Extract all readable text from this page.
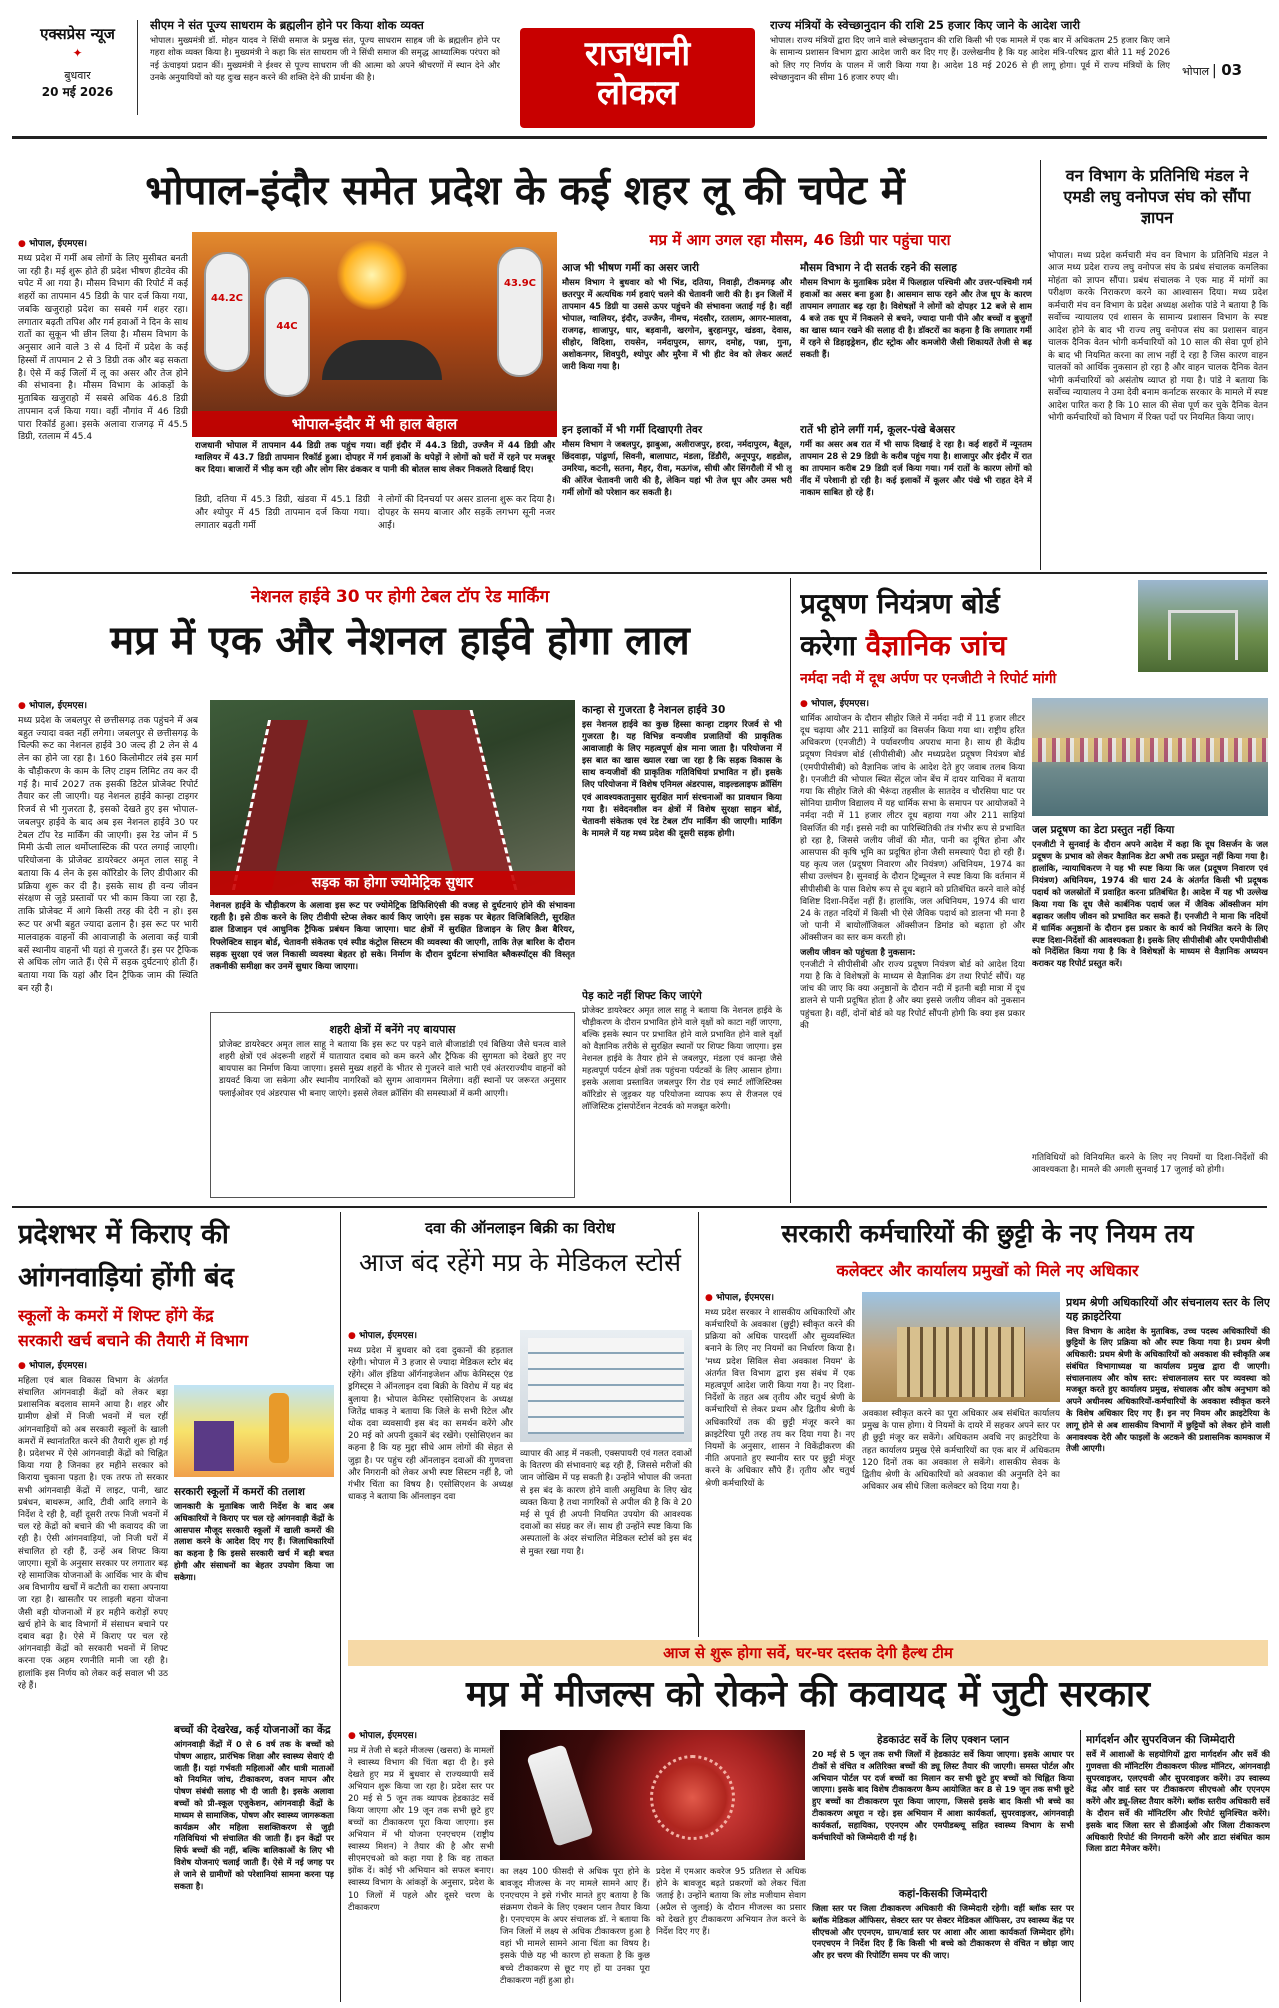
एक्सप्रेस न्यूज
✦
बुधवार
20 मई 2026
सीएम ने संत पूज्य साधराम के ब्रह्मलीन होने पर किया शोक व्यक्त
भोपाल। मुख्यमंत्री डॉ. मोहन यादव ने सिंधी समाज के प्रमुख संत, पूज्य साधराम साहब जी के ब्रह्मलीन होने पर गहरा शोक व्यक्त किया है। मुख्यमंत्री ने कहा कि संत साधराम जी ने सिंधी समाज की समृद्ध आध्यात्मिक परंपरा को नई ऊंचाइयां प्रदान कीं। मुख्यमंत्री ने ईश्वर से पूज्य साधराम जी की आत्मा को अपने श्रीचरणों में स्थान देने और उनके अनुयायियों को यह दुःख सहन करने की शक्ति देने की प्रार्थना की है।
राजधानी
लोकल
राज्य मंत्रियों के स्वेच्छानुदान की राशि 25 हजार किए जाने के आदेश जारी
भोपाल। राज्य मंत्रियों द्वारा दिए जाने वाले स्वेच्छानुदान की राशि किसी भी एक मामले में एक बार में अधिकतम 25 हजार किए जाने के सामान्य प्रशासन विभाग द्वारा आदेश जारी कर दिए गए हैं। उल्लेखनीय है कि यह आदेश मंत्रि-परिषद द्वारा बीते 11 मई 2026 को लिए गए निर्णय के पालन में जारी किया गया है। आदेश 18 मई 2026 से ही लागू होगा। पूर्व में राज्य मंत्रियों के लिए स्वेच्छानुदान की सीमा 16 हजार रुपए थी।	भोपाल | 03
भोपाल-इंदौर समेत प्रदेश के कई शहर लू की चपेट में
मप्र में आग उगल रहा मौसम, 46 डिग्री पार पहुंचा पारा
● भोपाल, ईएमएस।
मध्य प्रदेश में गर्मी अब लोगों के लिए मुसीबत बनती जा रही है। मई शुरू होते ही प्रदेश भीषण हीटवेव की चपेट में आ गया है। मौसम विभाग की रिपोर्ट में कई शहरों का तापमान 45 डिग्री के पार दर्ज किया गया, जबकि खजुराहो प्रदेश का सबसे गर्म शहर रहा। लगातार बढ़ती तपिश और गर्म हवाओं ने दिन के साथ रातों का सुकून भी छीन लिया है। मौसम विभाग के अनुसार आने वाले 3 से 4 दिनों में प्रदेश के कई हिस्सों में तापमान 2 से 3 डिग्री तक और बढ़ सकता है। ऐसे में कई जिलों में लू का असर और तेज होने की संभावना है। मौसम विभाग के आंकड़ों के मुताबिक खजुराहो में सबसे अधिक 46.8 डिग्री तापमान दर्ज किया गया। वहीं नौगांव में 46 डिग्री पारा रिकॉर्ड हुआ। इसके अलावा राजगढ़ में 45.5 डिग्री, रतलाम में 45.4
44.2C
44C
43.9C
भोपाल-इंदौर में भी हाल बेहाल
राजधानी भोपाल में तापमान 44 डिग्री तक पहुंच गया। वहीं इंदौर में 44.3 डिग्री, उज्जैन में 44 डिग्री और ग्वालियर में 43.7 डिग्री तापमान रिकॉर्ड हुआ। दोपहर में गर्म हवाओं के थपेड़ों ने लोगों को घरों में रहने पर मजबूर कर दिया। बाजारों में भीड़ कम रही और लोग सिर ढंककर व पानी की बोतल साथ लेकर निकलते दिखाई दिए।
डिग्री, दतिया में 45.3 डिग्री, खंडवा में 45.1 डिग्री और श्योपुर में 45 डिग्री तापमान दर्ज किया गया। लगातार बढ़ती गर्मी
ने लोगों की दिनचर्या पर असर डालना शुरू कर दिया है। दोपहर के समय बाजार और सड़कें लगभग सूनी नजर आईं।
आज भी भीषण गर्मी का असर जारी
मौसम विभाग ने बुधवार को भी भिंड, दतिया, निवाड़ी, टीकमगढ़ और छतरपुर में अत्यधिक गर्म हवाएं चलने की चेतावनी जारी की है। इन जिलों में तापमान 45 डिग्री या उससे ऊपर पहुंचने की संभावना जताई गई है। वहीं भोपाल, ग्वालियर, इंदौर, उज्जैन, नीमच, मंदसौर, रतलाम, आगर-मालवा, राजगढ़, शाजापुर, धार, बड़वानी, खरगोन, बुरहानपुर, खंडवा, देवास, सीहोर, विदिशा, रायसेन, नर्मदापुरम, सागर, दमोह, पन्ना, गुना, अशोकनगर, शिवपुरी, श्योपुर और मुरैना में भी हीट वेव को लेकर अलर्ट जारी किया गया है।
इन इलाकों में भी गर्मी दिखाएगी तेवर
मौसम विभाग ने जबलपुर, झाबुआ, अलीराजपुर, हरदा, नर्मदापुरम, बैतूल, छिंदवाड़ा, पांढुर्णा, सिवनी, बालाघाट, मंडला, डिंडौरी, अनूपपुर, शहडोल, उमरिया, कटनी, सतना, मैहर, रीवा, मऊगंज, सीधी और सिंगरौली में भी लू की ऑरेंज चेतावनी जारी की है, लेकिन यहां भी तेज धूप और उमस भरी गर्मी लोगों को परेशान कर सकती है।
मौसम विभाग ने दी सतर्क रहने की सलाह
मौसम विभाग के मुताबिक प्रदेश में फिलहाल पश्चिमी और उत्तर-पश्चिमी गर्म हवाओं का असर बना हुआ है। आसमान साफ रहने और तेज धूप के कारण तापमान लगातार बढ़ रहा है। विशेषज्ञों ने लोगों को दोपहर 12 बजे से शाम 4 बजे तक धूप में निकलने से बचने, ज्यादा पानी पीने और बच्चों व बुजुर्गों का खास ध्यान रखने की सलाह दी है। डॉक्टरों का कहना है कि लगातार गर्मी में रहने से डिहाइड्रेशन, हीट स्ट्रोक और कमजोरी जैसी शिकायतें तेजी से बढ़ सकती हैं।
रातें भी होने लगीं गर्म, कूलर-पंखे बेअसर
गर्मी का असर अब रात में भी साफ दिखाई दे रहा है। कई शहरों में न्यूनतम तापमान 28 से 29 डिग्री के करीब पहुंच गया है। शाजापुर और इंदौर में रात का तापमान करीब 29 डिग्री दर्ज किया गया। गर्म रातों के कारण लोगों को नींद में परेशानी हो रही है। कई इलाकों में कूलर और पंखे भी राहत देने में नाकाम साबित हो रहे हैं।
वन विभाग के प्रतिनिधि मंडल ने एमडी लघु वनोपज संघ को सौंपा ज्ञापन
भोपाल। मध्य प्रदेश कर्मचारी मंच वन विभाग के प्रतिनिधि मंडल ने आज मध्य प्रदेश राज्य लघु वनोपज संघ के प्रबंध संचालक कमलिका मोहंता को ज्ञापन सौंपा। प्रबंध संचालक ने एक माह में मांगों का परीक्षण करके निराकरण करने का आश्वासन दिया। मध्य प्रदेश कर्मचारी मंच वन विभाग के प्रदेश अध्यक्ष अशोक पांडे ने बताया है कि सर्वोच्च न्यायालय एवं शासन के सामान्य प्रशासन विभाग के स्पष्ट आदेश होने के बाद भी राज्य लघु वनोपज संघ का प्रशासन वाहन चालक दैनिक वेतन भोगी कर्मचारियों को 10 साल की सेवा पूर्ण होने के बाद भी नियमित करना का लाभ नहीं दे रहा है जिस कारण वाहन चालकों को आर्थिक नुकसान हो रहा है और वाहन चालक दैनिक वेतन भोगी कर्मचारियों को असंतोष व्याप्त हो गया है। पांडे ने बताया कि सर्वोच्च न्यायालय ने उमा देवी बनाम कर्नाटक सरकार के मामले में स्पष्ट आदेश पारित करा है कि 10 साल की सेवा पूर्ण कर चुके दैनिक वेतन भोगी कर्मचारियों को विभाग में रिक्त पदों पर नियमित किया जाए।
नेशनल हाईवे 30 पर होगी टेबल टॉप रेड मार्किंग
मप्र में एक और नेशनल हाईवे होगा लाल
● भोपाल, ईएमएस।
मध्य प्रदेश के जबलपुर से छत्तीसगढ़ तक पहुंचने में अब बहुत ज्यादा वक्त नहीं लगेगा। जबलपुर से छत्तीसगढ़ के चिल्फी रूट का नेशनल हाईवे 30 जल्द ही 2 लेन से 4 लेन का होने जा रहा है। 160 किलोमीटर लंबे इस मार्ग के चौड़ीकरण के काम के लिए टाइम लिमिट तय कर दी गई है। मार्च 2027 तक इसकी डिटेल प्रोजेक्ट रिपोर्ट तैयार कर ली जाएगी। यह नेशनल हाईवे कान्हा टाइगर रिजर्व से भी गुजरता है, इसको देखते हुए इस भोपाल-जबलपुर हाईवे के बाद अब इस नेशनल हाईवे 30 पर टेबल टॉप रेड मार्किंग की जाएगी। इस रेड जोन में 5 मिमी ऊंची लाल थर्मोप्लास्टिक की परत लगाई जाएगी। परियोजना के प्रोजेक्ट डायरेक्टर अमृत लाल साहू ने बताया कि 4 लेन के इस कॉरिडोर के लिए डीपीआर की प्रक्रिया शुरू कर दी है। इसके साथ ही वन्य जीवन संरक्षण से जुड़े प्रस्तावों पर भी काम किया जा रहा है, ताकि प्रोजेक्ट में आगे किसी तरह की देरी न हो। इस रूट पर अभी बहुत ज्यादा ढलान है। इस रूट पर भारी मालवाहक वाहनों की आवाजाही के अलावा कई यात्री बसें स्थानीय वाहनों भी यहां से गुजरते हैं। इस पर ट्रैफिक से अधिक लोग जाते हैं। ऐसे में सड़क दुर्घटनाएं होती हैं। बताया गया कि यहां और दिन ट्रैफिक जाम की स्थिति बन रही है।
सड़क का होगा ज्योमेट्रिक सुधार
नेशनल हाईवे के चौड़ीकरण के अलावा इस रूट पर ज्योमेट्रिक डिफिशिएंसी की वजह से दुर्घटनाएं होने की संभावना रहती है। इसे ठीक करने के लिए टीवीपी स्टेप्स लेकर कार्य किए जाएंगे। इस सड़क पर बेहतर विजिबिलिटी, सुरक्षित ढाल डिजाइन एवं आधुनिक ट्रैफिक प्रबंधन किया जाएगा। घाट क्षेत्रों में सुरक्षित डिजाइन के लिए क्रैश बैरियर, रिफ्लेक्टिव साइन बोर्ड, चेतावनी संकेतक एवं स्पीड कंट्रोल सिस्टम की व्यवस्था की जाएगी, ताकि तेज़ बारिश के दौरान सड़क सुरक्षा एवं जल निकासी व्यवस्था बेहतर हो सके। निर्माण के दौरान दुर्घटना संभावित ब्लैकस्पॉट्स की विस्तृत तकनीकी समीक्षा कर उनमें सुधार किया जाएगा।
शहरी क्षेत्रों में बनेंगे नए बायपास
प्रोजेक्ट डायरेक्टर अमृत लाल साहू ने बताया कि इस रूट पर पड़ने वाले बीजाडांडी एवं बिछिया जैसे घनत्व वाले शहरी क्षेत्रों एवं अंदरूनी शहरों में यातायात दबाव को कम करने और ट्रैफिक की सुगमता को देखते हुए नए बायपास का निर्माण किया जाएगा। इससे मुख्य शहरों के भीतर से गुजरने वाले भारी एवं अंतरराज्यीय वाहनों को डायवर्ट किया जा सकेगा और स्थानीय नागरिकों को सुगम आवागमन मिलेगा। वहीं स्थानों पर जरूरत अनुसार फ्लाईओवर एवं अंडरपास भी बनाए जाएंगे। इससे लेवल क्रॉसिंग की समस्याओं में कमी आएगी।
कान्हा से गुजरता है नेशनल हाईवे 30
इस नेशनल हाईवे का कुछ हिस्सा कान्हा टाइगर रिजर्व से भी गुजरता है। यह विभिन्न वन्यजीव प्रजातियों की प्राकृतिक आवाजाही के लिए महत्वपूर्ण क्षेत्र माना जाता है। परियोजना में इस बात का खास ख्याल रखा जा रहा है कि सड़क विकास के साथ वन्यजीवों की प्राकृतिक गतिविधियां प्रभावित न हों। इसके लिए परियोजना में विशेष एनिमल अंडरपास, वाइल्डलाइफ क्रॉसिंग एवं आवश्यकतानुसार सुरक्षित मार्ग संरचनाओं का प्रावधान किया गया है। संवेदनशील वन क्षेत्रों में विशेष सुरक्षा साइन बोर्ड, चेतावनी संकेतक एवं रेड टेबल टॉप मार्किंग की जाएगी। मार्किंग के मामले में यह मध्य प्रदेश की दूसरी सड़क होगी।
पेड़ काटे नहीं शिफ्ट किए जाएंगे
प्रोजेक्ट डायरेक्टर अमृत लाल साहू ने बताया कि नेशनल हाईवे के चौड़ीकरण के दौरान प्रभावित होने वाले वृक्षों को काटा नहीं जाएगा, बल्कि इसके स्थान पर प्रभावित होने वाले प्रभावित होने वाले वृक्षों को वैज्ञानिक तरीके से सुरक्षित स्थानों पर शिफ्ट किया जाएगा। इस नेशनल हाईवे के तैयार होने से जबलपुर, मंडला एवं कान्हा जैसे महत्वपूर्ण पर्यटन क्षेत्रों तक पहुंचना पर्यटकों के लिए आसान होगा। इसके अलावा प्रस्तावित जबलपुर रिंग रोड एवं स्मार्ट लॉजिस्टिक्स कॉरिडोर से जुड़कर यह परियोजना व्यापक रूप से रीजनल एवं लॉजिस्टिक ट्रांसपोर्टेशन नेटवर्क को मजबूत करेगी।
प्रदूषण नियंत्रण बोर्ड
करेगा वैज्ञानिक जांच
नर्मदा नदी में दूध अर्पण पर एनजीटी ने रिपोर्ट मांगी
● भोपाल, ईएमएस।
धार्मिक आयोजन के दौरान सीहोर जिले में नर्मदा नदी में 11 हजार लीटर दूध चढ़ाया और 211 साड़ियों का विसर्जन किया गया था। राष्ट्रीय हरित अधिकरण (एनजीटी) ने पर्यावरणीय अपराध माना है। साथ ही केंद्रीय प्रदूषण नियंत्रण बोर्ड (सीपीसीबी) और मध्यप्रदेश प्रदूषण नियंत्रण बोर्ड (एमपीपीसीबी) को वैज्ञानिक जांच के आदेश देते हुए जवाब तलब किया है। एनजीटी की भोपाल स्थित सेंट्रल जोन बेंच में दायर याचिका में बताया गया कि सीहोर जिले की भैरूंदा तहसील के सातदेव व चौरसिया घाट पर सोनिया ग्रामीण विद्यालय में यह धार्मिक सभा के समापन पर आयोजकों ने नर्मदा नदी में 11 हजार लीटर दूध बहाया गया और 211 साड़ियां विसर्जित की गईं। इससे नदी का पारिस्थितिकी तंत्र गंभीर रूप से प्रभावित हो रहा है, जिससे जलीय जीवों की मौत, पानी का दूषित होना और आसपास की कृषि भूमि का प्रदूषित होना जैसी समस्याएं पैदा हो रही हैं। यह कृत्य जल (प्रदूषण निवारण और नियंत्रण) अधिनियम, 1974 का सीधा उल्लंघन है। सुनवाई के दौरान ट्रिब्यूनल ने स्पष्ट किया कि वर्तमान में सीपीसीबी के पास विशेष रूप से दूध बहाने को प्रतिबंधित करने वाले कोई विशिष्ट दिशा-निर्देश नहीं हैं। हालांकि, जल अधिनियम, 1974 की धारा 24 के तहत नदियों में किसी भी ऐसे जैविक पदार्थ को डालना भी मना है जो पानी में बायोलॉजिकल ऑक्सीजन डिमांड को बढ़ाता हो और ऑक्सीजन का स्तर कम करती हो।
जलीय जीवन को पहुंचता है नुकसान:
एनजीटी ने सीपीसीबी और राज्य प्रदूषण नियंत्रण बोर्ड को आदेश दिया गया है कि वे विशेषज्ञों के माध्यम से वैज्ञानिक ढंग तथा रिपोर्ट सौंपें। यह जांच की जाए कि क्या अनुष्ठानों के दौरान नदी में इतनी बड़ी मात्रा में दूध डालने से पानी प्रदूषित होता है और क्या इससे जलीय जीवन को नुकसान पहुंचता है। वहीं, दोनों बोर्ड को यह रिपोर्ट सौंपनी होगी कि क्या इस प्रकार की
जल प्रदूषण का डेटा प्रस्तुत नहीं किया
एनजीटी ने सुनवाई के दौरान अपने आदेश में कहा कि दूध विसर्जन के जल प्रदूषण के प्रभाव को लेकर वैज्ञानिक डेटा अभी तक प्रस्तुत नहीं किया गया है। हालांकि, न्यायाधिकरण ने यह भी स्पष्ट किया कि जल (प्रदूषण निवारण एवं नियंत्रण) अधिनियम, 1974 की धारा 24 के अंतर्गत किसी भी प्रदूषक पदार्थ को जलस्रोतों में प्रवाहित करना प्रतिबंधित है। आदेश में यह भी उल्लेख किया गया कि दूध जैसे कार्बनिक पदार्थ जल में जैविक ऑक्सीजन मांग बढ़ाकर जलीय जीवन को प्रभावित कर सकते हैं। एनजीटी ने माना कि नदियों में धार्मिक अनुष्ठानों के दौरान इस प्रकार के कार्य को नियंत्रित करने के लिए स्पष्ट दिशा-निर्देशों की आवश्यकता है। इसके लिए सीपीसीबी और एमपीपीसीबी को निर्देशित किया गया है कि वे विशेषज्ञों के माध्यम से वैज्ञानिक अध्ययन कराकर यह रिपोर्ट प्रस्तुत करें।
गतिविधियों को विनियमित करने के लिए नए नियमों या दिशा-निर्देशों की आवश्यकता है। मामले की अगली सुनवाई 17 जुलाई को होगी।
प्रदेशभर में किराए की
आंगनवाड़ियां होंगी बंद
स्कूलों के कमरों में शिफ्ट होंगे केंद्र
सरकारी खर्च बचाने की तैयारी में विभाग
● भोपाल, ईएमएस।
महिला एवं बाल विकास विभाग के अंतर्गत संचालित आंगनवाड़ी केंद्रों को लेकर बड़ा प्रशासनिक बदलाव सामने आया है। शहर और ग्रामीण क्षेत्रों में निजी भवनों में चल रहीं आंगनवाड़ियों को अब सरकारी स्कूलों के खाली कमरों में स्थानांतरित करने की तैयारी शुरू हो गई है। प्रदेशभर में ऐसे आंगनवाड़ी केंद्रों को चिह्नित किया गया है जिनका हर महीने सरकार को किराया चुकाना पड़ता है। एक तरफ तो सरकार सभी आंगनवाड़ी केंद्रों में लाइट, पानी, खाट प्रबंधन, बाथरूम, आदि, टीवी आदि लगाने के निर्देश दे रही है, वहीं दूसरी तरफ निजी भवनों में चल रहे केंद्रों को बचाने की भी कवायद की जा रही है। ऐसी आंगनवाड़ियां, जो निजी घरों में संचालित हो रही हैं, उन्हें अब शिफ्ट किया जाएगा। सूत्रों के अनुसार सरकार पर लगातार बढ़ रहे सामाजिक योजनाओं के आर्थिक भार के बीच अब विभागीय खर्चों में कटौती का रास्ता अपनाया जा रहा है। खासतौर पर लाड़ली बहना योजना जैसी बड़ी योजनाओं में हर महीने करोड़ों रुपए खर्च होने के बाद विभागों में संसाधन बचाने पर दबाव बढ़ा है। ऐसे में किराए पर चल रहे आंगनवाड़ी केंद्रों को सरकारी भवनों में शिफ्ट करना एक अहम रणनीति मानी जा रही है। हालांकि इस निर्णय को लेकर कई सवाल भी उठ रहे हैं।
सरकारी स्कूलों में कमरों की तलाश
जानकारी के मुताबिक जारी निर्देश के बाद अब अधिकारियों ने किराए पर चल रहे आंगनवाड़ी केंद्रों के आसपास मौजूद सरकारी स्कूलों में खाली कमरों की तलाश करने के आदेश दिए गए हैं। जिलाधिकारियों का कहना है कि इससे सरकारी खर्च में बड़ी बचत होगी और संसाधनों का बेहतर उपयोग किया जा सकेगा।
बच्चों की देखरेख, कई योजनाओं का केंद्र
आंगनवाड़ी केंद्रों में 0 से 6 वर्ष तक के बच्चों को पोषण आहार, प्रारंभिक शिक्षा और स्वास्थ्य सेवाएं दी जाती हैं। यहां गर्भवती महिलाओं और धात्री माताओं को नियमित जांच, टीकाकरण, वजन मापन और पोषण संबंधी सलाह भी दी जाती है। इसके अलावा बच्चों को प्री-स्कूल एजुकेशन, आंगनवाड़ी केंद्रों के माध्यम से सामाजिक, पोषण और स्वास्थ्य जागरूकता कार्यक्रम और महिला सशक्तिकरण से जुड़ी गतिविधियां भी संचालित की जाती हैं। इन केंद्रों पर सिर्फ बच्चों की नहीं, बल्कि बालिकाओं के लिए भी विशेष योजनाएं चलाई जाती हैं। ऐसे में नई जगह पर ले जाने से ग्रामीणों को परेशानियां सामना करना पड़ सकता है।
दवा की ऑनलाइन बिक्री का विरोध
आज बंद रहेंगे मप्र के मेडिकल स्टोर्स
● भोपाल, ईएमएस।
मध्य प्रदेश में बुधवार को दवा दुकानों की हड़ताल रहेगी। भोपाल में 3 हजार से ज्यादा मेडिकल स्टोर बंद रहेंगे। ऑल इंडिया ऑर्गनाइजेशन ऑफ केमिस्ट्स एंड ड्रगिस्ट्स ने ऑनलाइन दवा बिक्री के विरोध में यह बंद बुलाया है। भोपाल केमिस्ट एसोसिएशन के अध्यक्ष जितेंद्र धाकड़ ने बताया कि जिले के सभी रिटेल और थोक दवा व्यवसायी इस बंद का समर्थन करेंगे और 20 मई को अपनी दुकानें बंद रखेंगे। एसोसिएशन का कहना है कि यह मुद्दा सीधे आम लोगों की सेहत से जुड़ा है। पर पहुंच रही ऑनलाइन दवाओं की गुणवत्ता और निगरानी को लेकर अभी स्पष्ट सिस्टम नहीं है, जो गंभीर चिंता का विषय है। एसोसिएशन के अध्यक्ष धाकड़ ने बताया कि ऑनलाइन दवा
व्यापार की आड़ में नकली, एक्सपायरी एवं गलत दवाओं के वितरण की संभावनाएं बढ़ रही हैं, जिससे मरीजों की जान जोखिम में पड़ सकती है। उन्होंने भोपाल की जनता से इस बंद के कारण होने वाली असुविधा के लिए खेद व्यक्त किया है तथा नागरिकों से अपील की है कि वे 20 मई से पूर्व ही अपनी नियमित उपयोग की आवश्यक दवाओं का संग्रह कर लें। साथ ही उन्होंने स्पष्ट किया कि अस्पतालों के अंदर संचालित मेडिकल स्टोर्स को इस बंद से मुक्त रखा गया है।
सरकारी कर्मचारियों की छुट्टी के नए नियम तय
कलेक्टर और कार्यालय प्रमुखों को मिले नए अधिकार
● भोपाल, ईएमएस।
मध्य प्रदेश सरकार ने शासकीय अधिकारियों और कर्मचारियों के अवकाश (छुट्टी) स्वीकृत करने की प्रक्रिया को अधिक पारदर्शी और सुव्यवस्थित बनाने के लिए नए नियमों का निर्धारण किया है। 'मध्य प्रदेश सिविल सेवा अवकाश नियम' के अंतर्गत वित्त विभाग द्वारा इस संबंध में एक महत्वपूर्ण आदेश जारी किया गया है। नए दिशा-निर्देशों के तहत अब तृतीय और चतुर्थ श्रेणी के कर्मचारियों से लेकर प्रथम और द्वितीय श्रेणी के अधिकारियों तक की छुट्टी मंजूर करने का क्राइटेरिया पूरी तरह तय कर दिया गया है। नए नियमों के अनुसार, शासन ने विकेंद्रीकरण की नीति अपनाते हुए स्थानीय स्तर पर छुट्टी मंजूर करने के अधिकार सौंपे हैं। तृतीय और चतुर्थ श्रेणी कर्मचारियों के
अवकाश स्वीकृत करने का पूरा अधिकार अब संबंधित कार्यालय प्रमुख के पास होगा। ये नियमों के दायरे में सहकर अपने स्तर पर ही छुट्टी मंजूर कर सकेंगे। अधिकतम अवधि नए क्राइटेरिया के तहत कार्यालय प्रमुख ऐसे कर्मचारियों का एक बार में अधिकतम 120 दिनों तक का अवकाश ले सकेंगे। शासकीय सेवक के द्वितीय श्रेणी के अधिकारियों को अवकाश की अनुमति देने का अधिकार अब सीधे जिला कलेक्टर को दिया गया है।
प्रथम श्रेणी अधिकारियों और संचनालय स्तर के लिए यह क्राइटेरिया
वित्त विभाग के आदेश के मुताबिक, उच्च पदस्थ अधिकारियों की छुट्टियों के लिए प्रक्रिया को और स्पष्ट किया गया है। प्रथम श्रेणी अधिकारी: प्रथम श्रेणी के अधिकारियों को अवकाश की स्वीकृति अब संबंधित विभागाध्यक्ष या कार्यालय प्रमुख द्वारा दी जाएगी। संचालनालय और कोष स्तर: संचालनालय स्तर पर व्यवस्था को मजबूत करते हुए कार्यालय प्रमुख, संचालक और कोष अनुभाग को अपने अधीनस्थ अधिकारियों-कर्मचारियों के अवकाश स्वीकृत करने के विशेष अधिकार दिए गए हैं। इन नए नियम और क्राइटेरिया के लागू होने से अब शासकीय विभागों में छुट्टियों को लेकर होने वाली अनावश्यक देरी और फाइलों के अटकने की प्रशासनिक कामकाज में तेजी आएगी।
आज से शुरू होगा सर्वे, घर-घर दस्तक देगी हैल्थ टीम
मप्र में मीजल्स को रोकने की कवायद में जुटी सरकार
● भोपाल, ईएमएस।
मप्र में तेजी से बढ़ते मीजल्स (खसरा) के मामलों ने स्वास्थ्य विभाग की चिंता बढ़ा दी है। इसे देखते हुए मप्र में बुधवार से राज्यव्यापी सर्वे अभियान शुरू किया जा रहा है। प्रदेश स्तर पर 20 मई से 5 जून तक व्यापक हेडकाउंट सर्वे किया जाएगा और 19 जून तक सभी छूटे हुए बच्चों का टीकाकरण पूरा किया जाएगा। इस अभियान में भी योजना एनएचएम (राष्ट्रीय स्वास्थ्य मिशन) ने तैयार की है और सभी सीएमएचओ को कहा गया है कि वह ताकत झोंक दें। कोई भी अभियान को सफल बनाए। स्वास्थ्य विभाग के आंकड़ों के अनुसार, प्रदेश के 10 जिलों में पहले और दूसरे चरण के टीकाकरण
का लक्ष्य 100 फीसदी से अधिक पूरा होने के बावजूद मीजल्स के नए मामले सामने आए हैं। एनएचएम ने इसे गंभीर मानते हुए बताया है कि संक्रमण रोकने के लिए एक्शन प्लान तैयार किया है। एनएचएम के अपर संचालक डॉ. ने बताया कि जिन जिलों में लक्ष्य से अधिक टीकाकरण हुआ है वहां भी मामले सामने आना चिंता का विषय है। इसके पीछे यह भी कारण हो सकता है कि कुछ बच्चे टीकाकरण से छूट गए हों या उनका पूरा टीकाकरण नहीं हुआ हो।
प्रदेश में एमआर कवरेज 95 प्रतिशत से अधिक होने के बावजूद बढ़ते प्रकरणों को लेकर चिंता जताई है। उन्होंने बताया कि लोड मजीयाम सेवाग (अप्रैल से जुलाई) के दौरान मीजल्स का प्रसार को देखते हुए टीकाकरण अभियान तेज करने के निर्देश दिए गए हैं।
हेडकाउंट सर्वे के लिए एक्शन प्लान
20 मई से 5 जून तक सभी जिलों में हेडकाउंट सर्वे किया जाएगा। इसके आधार पर टीकों से वंचित व अतिरिक्त बच्चों की ड्यू लिस्ट तैयार की जाएगी। समस्त पोर्टल और अभियान पोर्टल पर दर्ज बच्चों का मिलान कर सभी छूटे हुए बच्चों को चिह्नित किया जाएगा। इसके बाद विशेष टीकाकरण कैम्प आयोजित कर 8 से 19 जून तक सभी छूटे हुए बच्चों का टीकाकरण पूरा किया जाएगा, जिससे इसके बाद किसी भी बच्चे का टीकाकरण अधूरा न रहे। इस अभियान में आशा कार्यकर्ता, सुपरवाइजर, आंगनवाड़ी कार्यकर्ता, सहायिका, एएनएम और एमपीडब्ल्यू सहित स्वास्थ्य विभाग के सभी कर्मचारियों को जिम्मेदारी दी गई है।
कहां-किसकी जिम्मेदारी
जिला स्तर पर जिला टीकाकरण अधिकारी की जिम्मेदारी रहेगी। वहीं ब्लॉक स्तर पर ब्लॉक मेडिकल ऑफिसर, सेक्टर स्तर पर सेक्टर मेडिकल ऑफिसर, उप स्वास्थ्य केंद्र पर सीएचओ और एएनएम, ग्राम/वार्ड स्तर पर आशा और आशा कार्यकर्ता जिम्मेदार होंगे। एनएचएम ने निर्देश दिए हैं कि किसी भी बच्चे को टीकाकरण से वंचित न छोड़ा जाए और हर चरण की रिपोर्टिंग समय पर की जाए।
मार्गदर्शन और सुपरविजन की जिम्मेदारी
सर्वे में आशाओं के सहयोगियों द्वारा मार्गदर्शन और सर्वे की गुणवत्ता की मॉनिटरिंग टीकाकरण फील्ड मॉनिटर, आंगनवाड़ी सुपरवाइजर, एलएचवी और सुपरवाइजर करेंगे। उप स्वास्थ्य केंद्र और वार्ड स्तर पर टीकाकरण सीएचओ और एएनएम करेंगे और ड्यू-लिस्ट तैयार करेंगे। ब्लॉक स्तरीय अधिकारी सर्वे के दौरान सर्वे की मॉनिटरिंग और रिपोर्ट सुनिश्चित करेंगे। इसके बाद जिला स्तर से डीआईओ और जिला टीकाकरण अधिकारी रिपोर्ट की निगरानी करेंगे और डाटा संबंधित काम जिला डाटा मैनेजर करेंगे।
